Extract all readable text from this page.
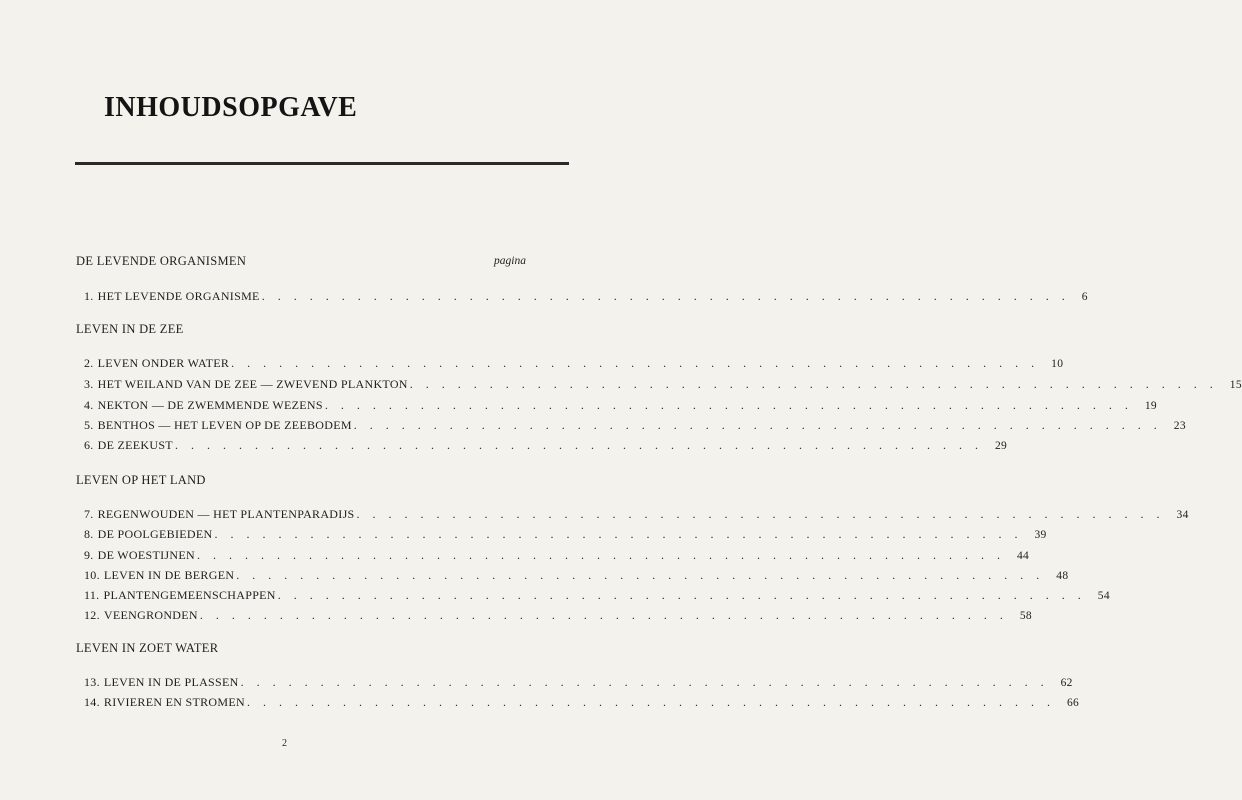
INHOUDSOPGAVE
DE LEVENDE ORGANISMEN	pagina
1. HET LEVENDE ORGANISME ................................................... 6
LEVEN IN DE ZEE
2. LEVEN ONDER WATER ................................................... 10
3. HET WEILAND VAN DE ZEE — ZWEVEND PLANKTON ................................................... 15
4. NEKTON — DE ZWEMMENDE WEZENS ................................................... 19
5. BENTHOS — HET LEVEN OP DE ZEEBODEM ................................................... 23
6. DE ZEEKUST ................................................... 29
LEVEN OP HET LAND
7. REGENWOUDEN — HET PLANTENPARADIJS ................................................... 34
8. DE POOLGEBIEDEN ................................................... 39
9. DE WOESTIJNEN ................................................... 44
10. LEVEN IN DE BERGEN ................................................... 48
11. PLANTENGEMEENSCHAPPEN ................................................... 54
12. VEENGRONDEN ................................................... 58
LEVEN IN ZOET WATER
13. LEVEN IN DE PLASSEN ................................................... 62
14. RIVIEREN EN STROMEN ................................................... 66
2
